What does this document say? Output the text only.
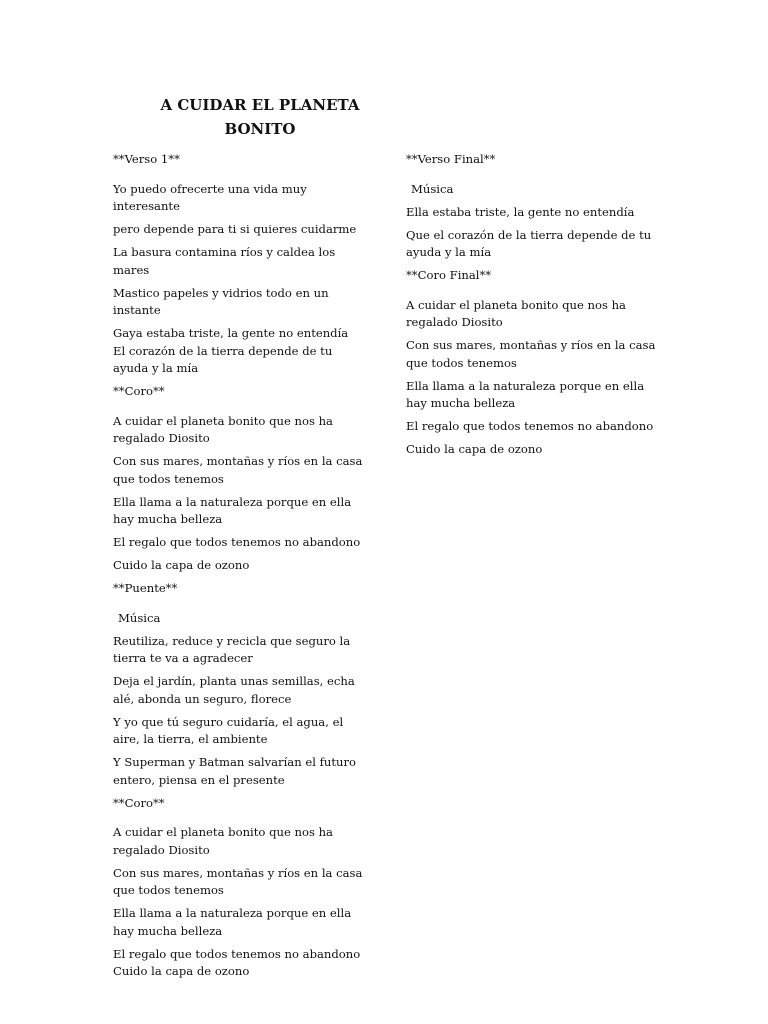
A CUIDAR EL PLANETA
BONITO

**Verso 1**

Yo puedo ofrecerte una vida muy interesante

pero depende para ti si quieres cuidarme

La basura contamina ríos y caldea los mares

Mastico papeles y vidrios todo en un instante

Gaya estaba triste, la gente no entendía

El corazón de la tierra depende de tu ayuda y la mía

**Coro**

A cuidar el planeta bonito que nos ha regalado Diosito

Con sus mares, montañas y ríos en la casa que todos tenemos

Ella llama a la naturaleza porque en ella hay mucha belleza

El regalo que todos tenemos no abandono

Cuido la capa de ozono

**Puente**

Música

Reutiliza, reduce y recicla que seguro la tierra te va a agradecer

Deja el jardín, planta unas semillas, echa alé, abonda un seguro, florece

Y yo que tú seguro cuidaría, el agua, el aire, la tierra, el ambiente

Y Superman y Batman salvarían el futuro entero, piensa en el presente

**Coro**

A cuidar el planeta bonito que nos ha regalado Diosito

Con sus mares, montañas y ríos en la casa que todos tenemos

Ella llama a la naturaleza porque en ella hay mucha belleza

El regalo que todos tenemos no abandono

Cuido la capa de ozono

**Verso Final**

Música

Ella estaba triste, la gente no entendía

Que el corazón de la tierra depende de tu ayuda y la mía

**Coro Final**

A cuidar el planeta bonito que nos ha regalado Diosito

Con sus mares, montañas y ríos en la casa que todos tenemos

Ella llama a la naturaleza porque en ella hay mucha belleza

El regalo que todos tenemos no abandono

Cuido la capa de ozono
